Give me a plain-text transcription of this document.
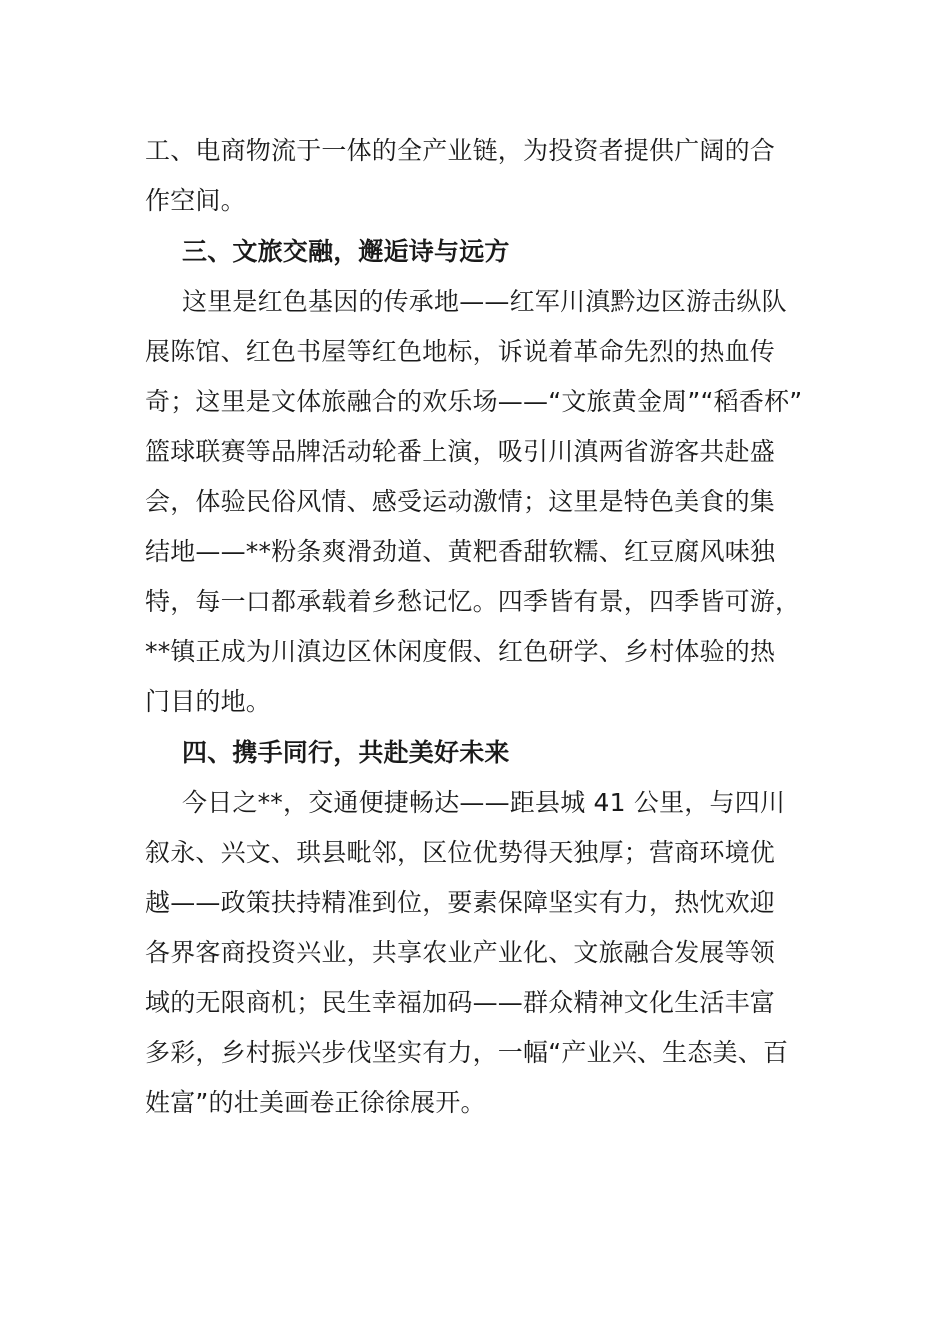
工、电商物流于一体的全产业链，为投资者提供广阔的合
作空间。
三、文旅交融，邂逅诗与远方
这里是红色基因的传承地——红军川滇黔边区游击纵队
展陈馆、红色书屋等红色地标，诉说着革命先烈的热血传
奇；这里是文体旅融合的欢乐场——“文旅黄金周”“稻香杯”
篮球联赛等品牌活动轮番上演，吸引川滇两省游客共赴盛
会，体验民俗风情、感受运动激情；这里是特色美食的集
结地——**粉条爽滑劲道、黄粑香甜软糯、红豆腐风味独
特，每一口都承载着乡愁记忆。四季皆有景，四季皆可游，
**镇正成为川滇边区休闲度假、红色研学、乡村体验的热
门目的地。
四、携手同行，共赴美好未来
今日之**，交通便捷畅达——距县城 41 公里，与四川
叙永、兴文、珙县毗邻，区位优势得天独厚；营商环境优
越——政策扶持精准到位，要素保障坚实有力，热忱欢迎
各界客商投资兴业，共享农业产业化、文旅融合发展等领
域的无限商机；民生幸福加码——群众精神文化生活丰富
多彩，乡村振兴步伐坚实有力，一幅“产业兴、生态美、百
姓富”的壮美画卷正徐徐展开。
